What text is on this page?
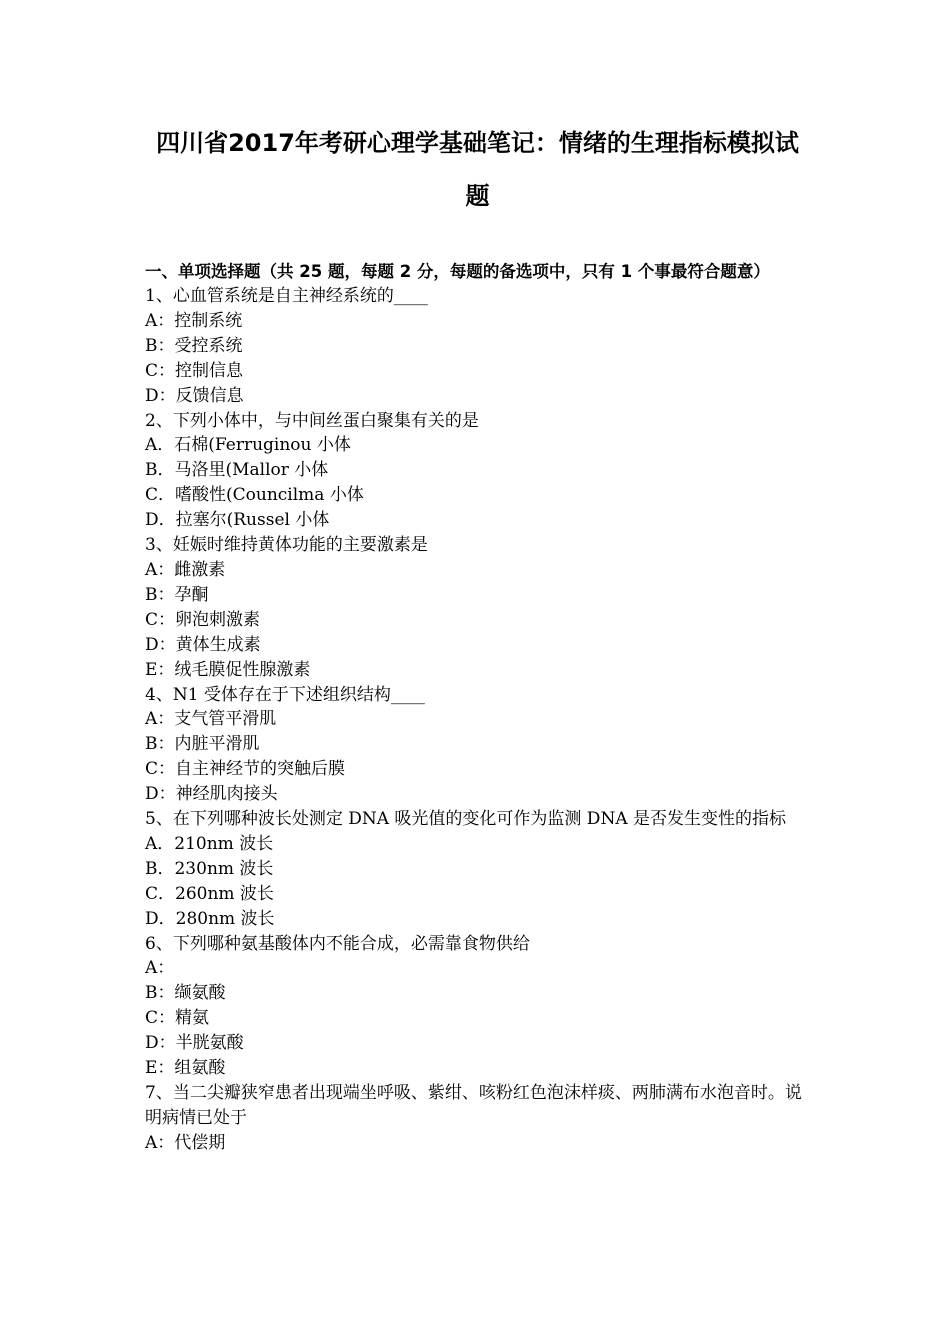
四川省2017年考研心理学基础笔记：情绪的生理指标模拟试题
一、单项选择题（共 25 题，每题 2 分，每题的备选项中，只有 1 个事最符合题意）
1、心血管系统是自主神经系统的____
A：控制系统
B：受控系统
C：控制信息
D：反馈信息
2、下列小体中，与中间丝蛋白聚集有关的是
A．石棉(Ferruginou 小体
B．马洛里(Mallor 小体
C．嗜酸性(Councilma 小体
D．拉塞尔(Russel 小体
3、妊娠时维持黄体功能的主要激素是
A：雌激素
B：孕酮
C：卵泡刺激素
D：黄体生成素
E：绒毛膜促性腺激素
4、N1 受体存在于下述组织结构____
A：支气管平滑肌
B：内脏平滑肌
C：自主神经节的突触后膜
D：神经肌肉接头
5、在下列哪种波长处测定 DNA 吸光值的变化可作为监测 DNA 是否发生变性的指标
A．210nm 波长
B．230nm 波长
C．260nm 波长
D．280nm 波长
6、下列哪种氨基酸体内不能合成，必需靠食物供给
A：
B：缬氨酸
C：精氨
D：半胱氨酸
E：组氨酸
7、当二尖瓣狭窄患者出现端坐呼吸、紫绀、咳粉红色泡沫样痰、两肺满布水泡音时。说明病情已处于
A：代偿期
